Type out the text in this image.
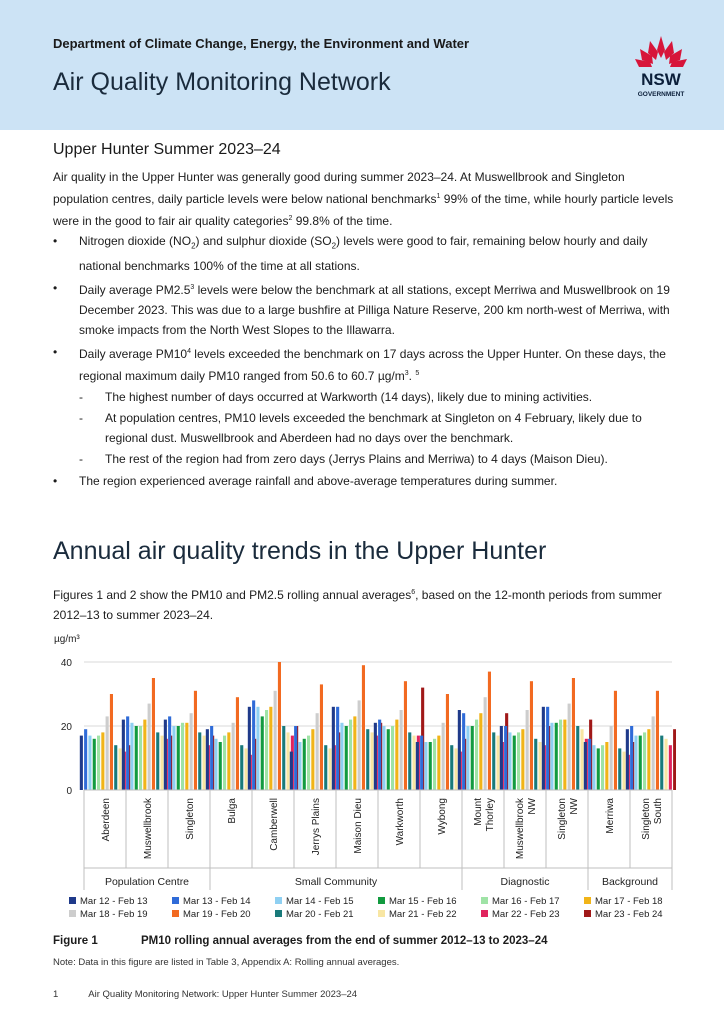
Department of Climate Change, Energy, the Environment and Water
Air Quality Monitoring Network	NSW
GOVERNMENT
Upper Hunter Summer 2023–24

Air quality in the Upper Hunter was generally good during summer 2023–24. At Muswellbrook and Singleton population centres, daily particle levels were below national benchmarks$^1$ 99% of the time, while hourly particle levels were in the good to fair air quality categories$^2$ 99.8% of the time.

• Nitrogen dioxide $(NO_2)$ and sulphur dioxide $(SO_2)$ levels were good to fair, remaining below hourly and daily national benchmarks 100% of the time at all stations.
• Daily average $PM2.5^3$ levels were below the benchmark at all stations, except Merriwa and Muswellbrook on 19 December 2023. This was due to a large bushfire at Pilliga Nature Reserve, 200 km north-west of Merriwa, with smoke impacts from the North West Slopes to the Illawarra.
• Daily average $PM10^4$ levels exceeded the benchmark on 17 days across the Upper Hunter. On these days, the regional maximum daily PM10 ranged from 50.6 to 60.7 $\mu g/m^3$. $^5$
- The highest number of days occurred at Warkworth (14 days), likely due to mining activities.
- At population centres, PM10 levels exceeded the benchmark at Singleton on 4 February, likely due to regional dust. Muswellbrook and Aberdeen had no days over the benchmark.
- The rest of the region had from zero days (Jerrys Plains and Merriwa) to 4 days (Maison Dieu).
• The region experienced average rainfall and above-average temperatures during summer.
Annual air quality trends in the Upper Hunter

Figures 1 and 2 show the PM10 and PM2.5 rolling annual averages$^6$, based on the 12-month periods from summer 2012–13 to summer 2023–24.

µg/m³
0
20
40
Population Centre	Small Community	Diagnostic	Background
Aberdeen	Muswellbrook	Singleton	Bulga	Camberwell	Jerrys Plains	Maison Dieu	Warkworth	Wybong	Mount Thorley Muswellbrook NW Singleton NW	Merriwa	Singleton South
Mar 12 - Feb 13	Mar 13 - Feb 14	Mar 14 - Feb 15	Mar 15 - Feb 16	Mar 16 - Feb 17	Mar 17 - Feb 18
Mar 18 - Feb 19	Mar 19 - Feb 20	Mar 20 - Feb 21	Mar 21 - Feb 22	Mar 22 - Feb 23	Mar 23 - Feb 24
Figure 1	PM10 rolling annual averages from the end of summer 2012–13 to 2023–24
Note: Data in this figure are listed in Table 3, Appendix A: Rolling annual averages.
1	Air Quality Monitoring Network: Upper Hunter Summer 2023–24
